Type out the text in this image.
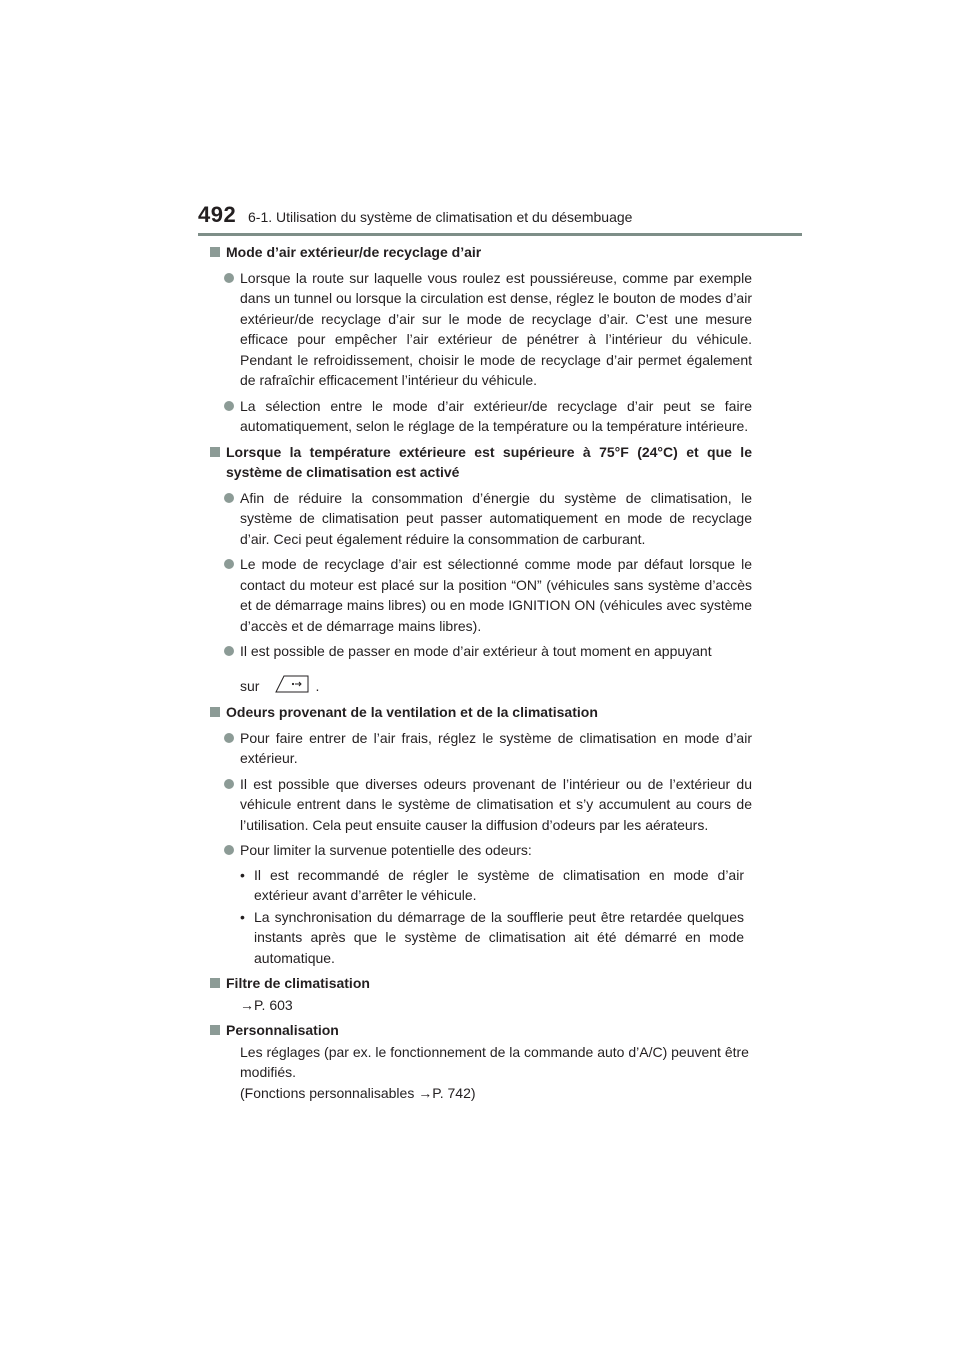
492 6-1. Utilisation du système de climatisation et du désembuage
Mode d’air extérieur/de recyclage d’air
Lorsque la route sur laquelle vous roulez est poussiéreuse, comme par exemple dans un tunnel ou lorsque la circulation est dense, réglez le bouton de modes d’air extérieur/de recyclage d’air sur le mode de recyclage d’air. C’est une mesure efficace pour empêcher l’air extérieur de pénétrer à l’intérieur du véhicule. Pendant le refroidissement, choisir le mode de recyclage d’air permet également de rafraîchir efficacement l’intérieur du véhicule.
La sélection entre le mode d’air extérieur/de recyclage d’air peut se faire automatiquement, selon le réglage de la température ou la température intérieure.
Lorsque la température extérieure est supérieure à 75°F (24°C) et que le système de climatisation est activé
Afin de réduire la consommation d’énergie du système de climatisation, le système de climatisation peut passer automatiquement en mode de recyclage d’air. Ceci peut également réduire la consommation de carburant.
Le mode de recyclage d’air est sélectionné comme mode par défaut lorsque le contact du moteur est placé sur la position “ON” (véhicules sans système d’accès et de démarrage mains libres) ou en mode IGNITION ON (véhicules avec système d’accès et de démarrage mains libres).
Il est possible de passer en mode d’air extérieur à tout moment en appuyant
sur	.
Odeurs provenant de la ventilation et de la climatisation
Pour faire entrer de l’air frais, réglez le système de climatisation en mode d’air extérieur.
Il est possible que diverses odeurs provenant de l’intérieur ou de l’extérieur du véhicule entrent dans le système de climatisation et s’y accumulent au cours de l’utilisation. Cela peut ensuite causer la diffusion d’odeurs par les aérateurs.
Pour limiter la survenue potentielle des odeurs:
• Il est recommandé de régler le système de climatisation en mode d’air extérieur avant d’arrêter le véhicule.
• La synchronisation du démarrage de la soufflerie peut être retardée quelques instants après que le système de climatisation ait été démarré en mode automatique.
Filtre de climatisation
→P. 603
Personnalisation
Les réglages (par ex. le fonctionnement de la commande auto d’A/C) peuvent être modifiés.
(Fonctions personnalisables →P. 742)
